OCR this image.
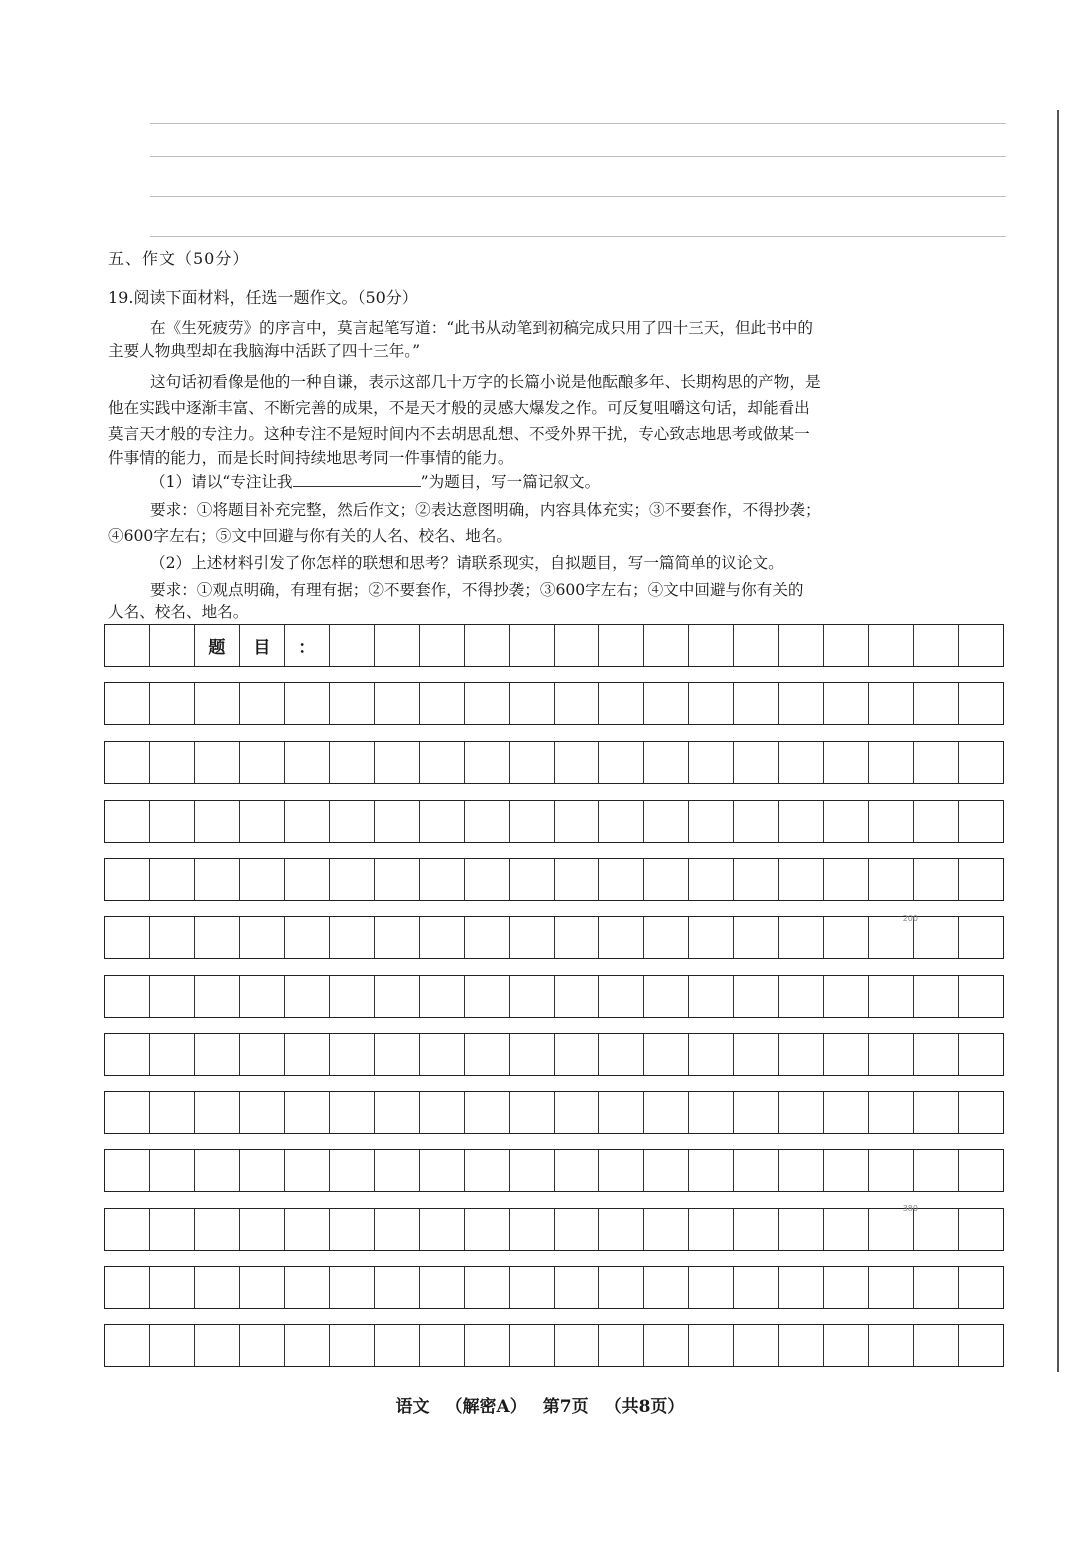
五、作文（50分）
19.阅读下面材料，任选一题作文。（50分）
在《生死疲劳》的序言中，莫言起笔写道：“此书从动笔到初稿完成只用了四十三天，但此书中的
主要人物典型却在我脑海中活跃了四十三年。”
这句话初看像是他的一种自谦，表示这部几十万字的长篇小说是他酝酿多年、长期构思的产物，是
他在实践中逐渐丰富、不断完善的成果，不是天才般的灵感大爆发之作。可反复咀嚼这句话，却能看出
莫言天才般的专注力。这种专注不是短时间内不去胡思乱想、不受外界干扰，专心致志地思考或做某一
件事情的能力，而是长时间持续地思考同一件事情的能力。
（1）请以“专注让我	”为题目，写一篇记叙文。
要求：①将题目补充完整，然后作文；②表达意图明确，内容具体充实；③不要套作，不得抄袭；
④600字左右；⑤文中回避与你有关的人名、校名、地名。
（2）上述材料引发了你怎样的联想和思考？请联系现实，自拟题目，写一篇简单的议论文。
要求：①观点明确，有理有据；②不要套作，不得抄袭；③600字左右；④文中回避与你有关的
人名、校名、地名。
题	目	：
200
380
语文 （解密A） 第7页 （共8页）
